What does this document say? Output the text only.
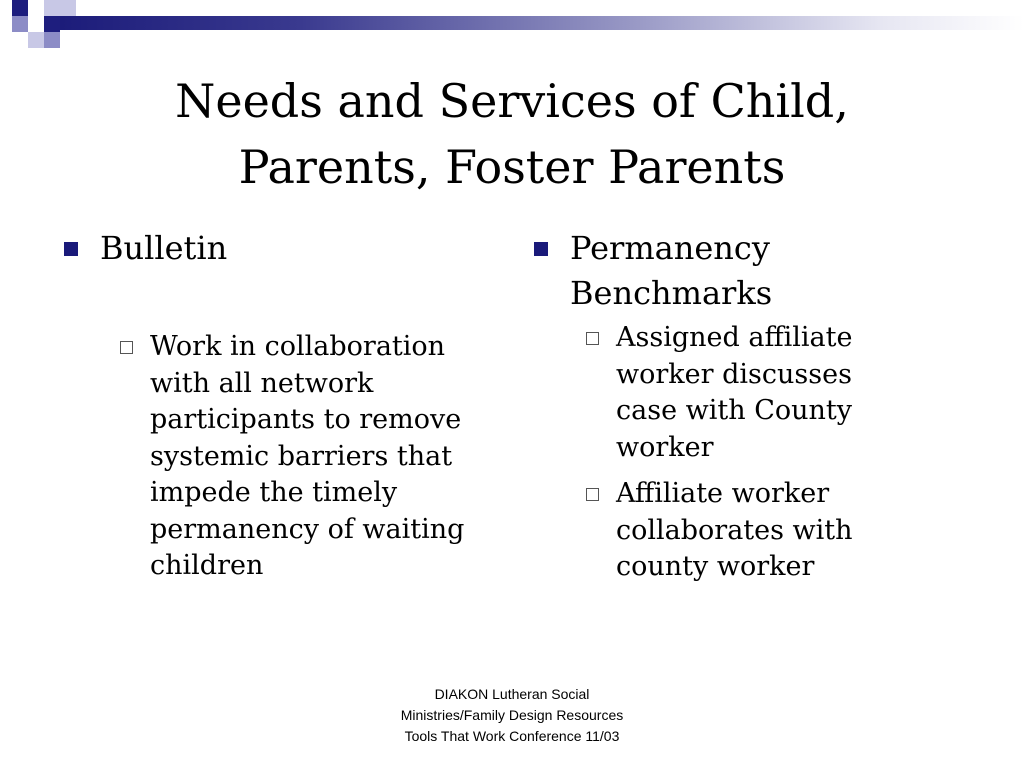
Needs and Services of Child,
Parents, Foster Parents
Bulletin
Work in collaboration with all network participants to remove systemic barriers that impede the timely permanency of waiting children
Permanency Benchmarks
Assigned affiliate worker discusses case with County worker
Affiliate worker collaborates with county worker
DIAKON Lutheran Social
Ministries/Family Design Resources
Tools That Work Conference 11/03
